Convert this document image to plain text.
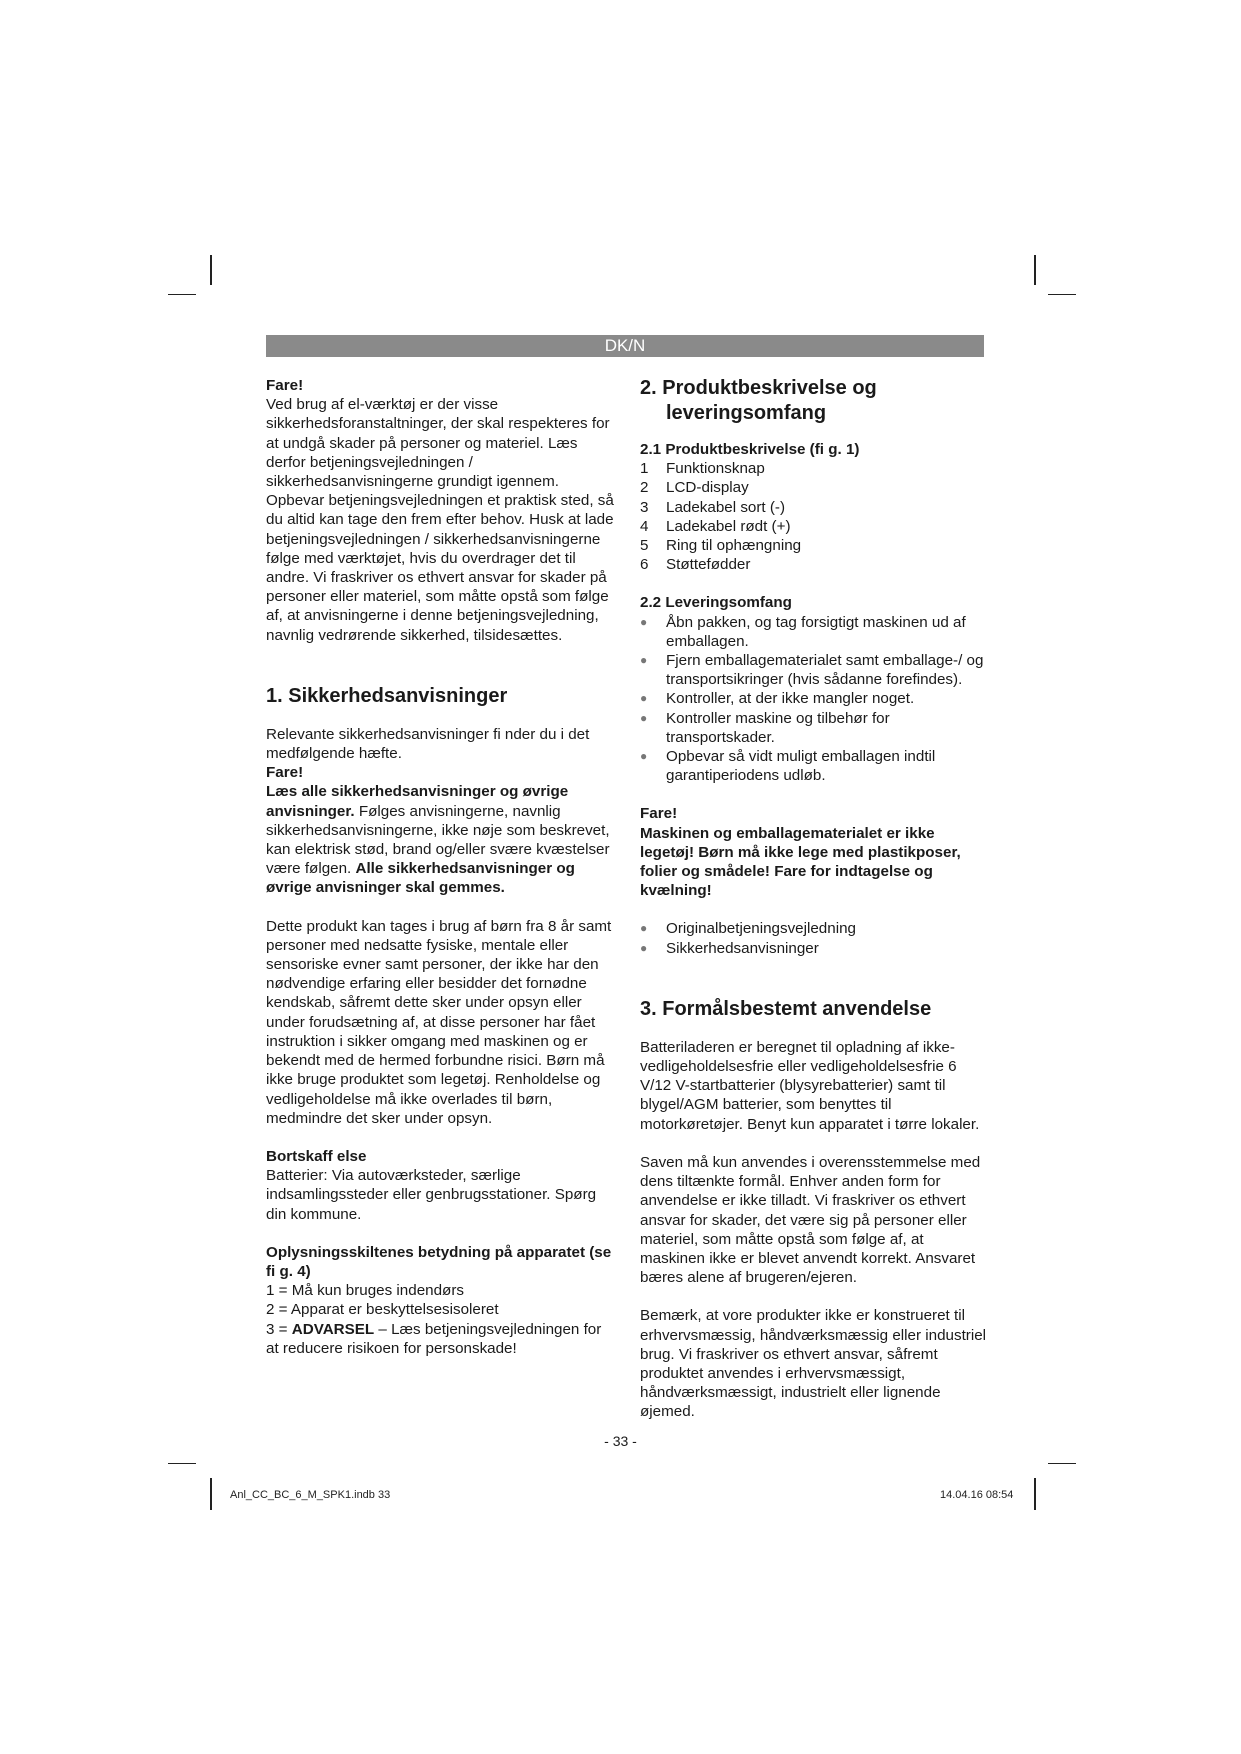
DK/N

Fare!

Ved brug af el-værktøj er der visse sikkerhedsforanstaltninger, der skal respekteres for at undgå skader på personer og materiel. Læs derfor betjeningsvejledningen / sikkerhedsanvisningerne grundigt igennem. Opbevar betjeningsvejledningen et praktisk sted, så du altid kan tage den frem efter behov. Husk at lade betjeningsvejledningen / sikkerhedsanvisningerne følge med værktøjet, hvis du overdrager det til andre. Vi fraskriver os ethvert ansvar for skader på personer eller materiel, som måtte opstå som følge af, at anvisningerne i denne betjeningsvejledning, navnlig vedrørende sikkerhed, tilsidesættes.

1. Sikkerhedsanvisninger

Relevante sikkerhedsanvisninger fi nder du i det medfølgende hæfte.

Fare!

Læs alle sikkerhedsanvisninger og øvrige anvisninger. Følges anvisningerne, navnlig sikkerhedsanvisningerne, ikke nøje som beskrevet, kan elektrisk stød, brand og/eller svære kvæstelser være følgen. Alle sikkerhedsanvisninger og øvrige anvisninger skal gemmes.

Dette produkt kan tages i brug af børn fra 8 år samt personer med nedsatte fysiske, mentale eller sensoriske evner samt personer, der ikke har den nødvendige erfaring eller besidder det fornødne kendskab, såfremt dette sker under opsyn eller under forudsætning af, at disse personer har fået instruktion i sikker omgang med maskinen og er bekendt med de hermed forbundne risici. Børn må ikke bruge produktet som legetøj. Renholdelse og vedligeholdelse må ikke overlades til børn, medmindre det sker under opsyn.

Bortskaff else

Batterier: Via autoværksteder, særlige indsamlingssteder eller genbrugsstationer. Spørg din kommune.

Oplysningsskiltenes betydning på apparatet (se fi g. 4)

1 = Må kun bruges indendørs

2 = Apparat er beskyttelsesisoleret

3 = ADVARSEL – Læs betjeningsvejledningen for at reducere risikoen for personskade!

2. Produktbeskrivelse og leveringsomfang

2.1 Produktbeskrivelse (fi g. 1)

1	Funktionsknap
2	LCD-display
3	Ladekabel sort (-)
4	Ladekabel rødt (+)
5	Ring til ophængning
6	Støttefødder

2.2 Leveringsomfang

●	Åbn pakken, og tag forsigtigt maskinen ud af emballagen.
●	Fjern emballagematerialet samt emballage-/ og transportsikringer (hvis sådanne forefindes).
●	Kontroller, at der ikke mangler noget.
●	Kontroller maskine og tilbehør for transportskader.
●	Opbevar så vidt muligt emballagen indtil garantiperiodens udløb.

Fare!

Maskinen og emballagematerialet er ikke legetøj! Børn må ikke lege med plastikposer, folier og smådele! Fare for indtagelse og kvælning!

●	Originalbetjeningsvejledning
●	Sikkerhedsanvisninger
3. Formålsbestemt anvendelse

Batteriladeren er beregnet til opladning af ikke-vedligeholdelsesfrie eller vedligeholdelsesfrie 6 V/12 V-startbatterier (blysyrebatterier) samt til blygel/AGM batterier, som benyttes til motorkøretøjer. Benyt kun apparatet i tørre lokaler.

Saven må kun anvendes i overensstemmelse med dens tiltænkte formål. Enhver anden form for anvendelse er ikke tilladt. Vi fraskriver os ethvert ansvar for skader, det være sig på personer eller materiel, som måtte opstå som følge af, at maskinen ikke er blevet anvendt korrekt. Ansvaret bæres alene af brugeren/ejeren.

Bemærk, at vore produkter ikke er konstrueret til erhvervsmæssig, håndværksmæssig eller industriel brug. Vi fraskriver os ethvert ansvar, såfremt produktet anvendes i erhvervsmæssigt, håndværksmæssigt, industrielt eller lignende øjemed.

- 33 -
Anl_CC_BC_6_M_SPK1.indb 33	14.04.16 08:54
